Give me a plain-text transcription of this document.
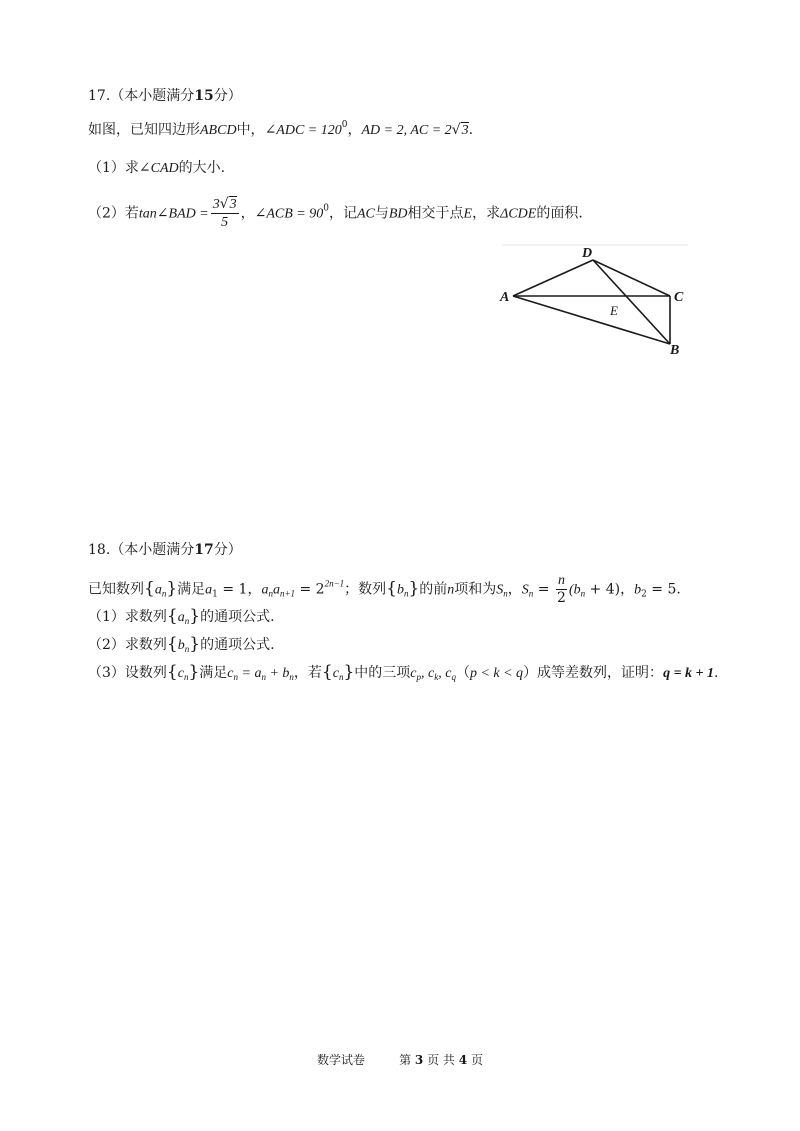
17.（本小题满分15分）
如图，已知四边形ABCD中，∠ADC = $120^0$，AD = 2, AC = 2√3.
（1）求∠CAD的大小.
（2）若tan∠BAD = $\frac{3√3}{5}$ ，∠ACB = $90^0$，记AC与BD相交于点E，求ΔCDE的面积.
D
A	C
E
B
18.（本小题满分17分）
已知数列$\{a_n\}$满足$a_1 = 1$，$a_na_{n+1} = 2^{2n-1}$；数列$\{b_n\}$的前n项和为$S_n$，$S_n = \frac{n}{2} (b_n + 4)$，$b_2 = 5$.
（1）求数列$\{a_n\}$的通项公式.
（2）求数列$\{b_n\}$的通项公式.
（3）设数列$\{c_n\}$满足$c_n = a_n + b_n$，若$\{c_n\}$中的三项$c_p$, $c_k$, $c_q(p < k < q)$成等差数列，证明：q = k + 1.
数学试卷	第 3 页 共 4 页
